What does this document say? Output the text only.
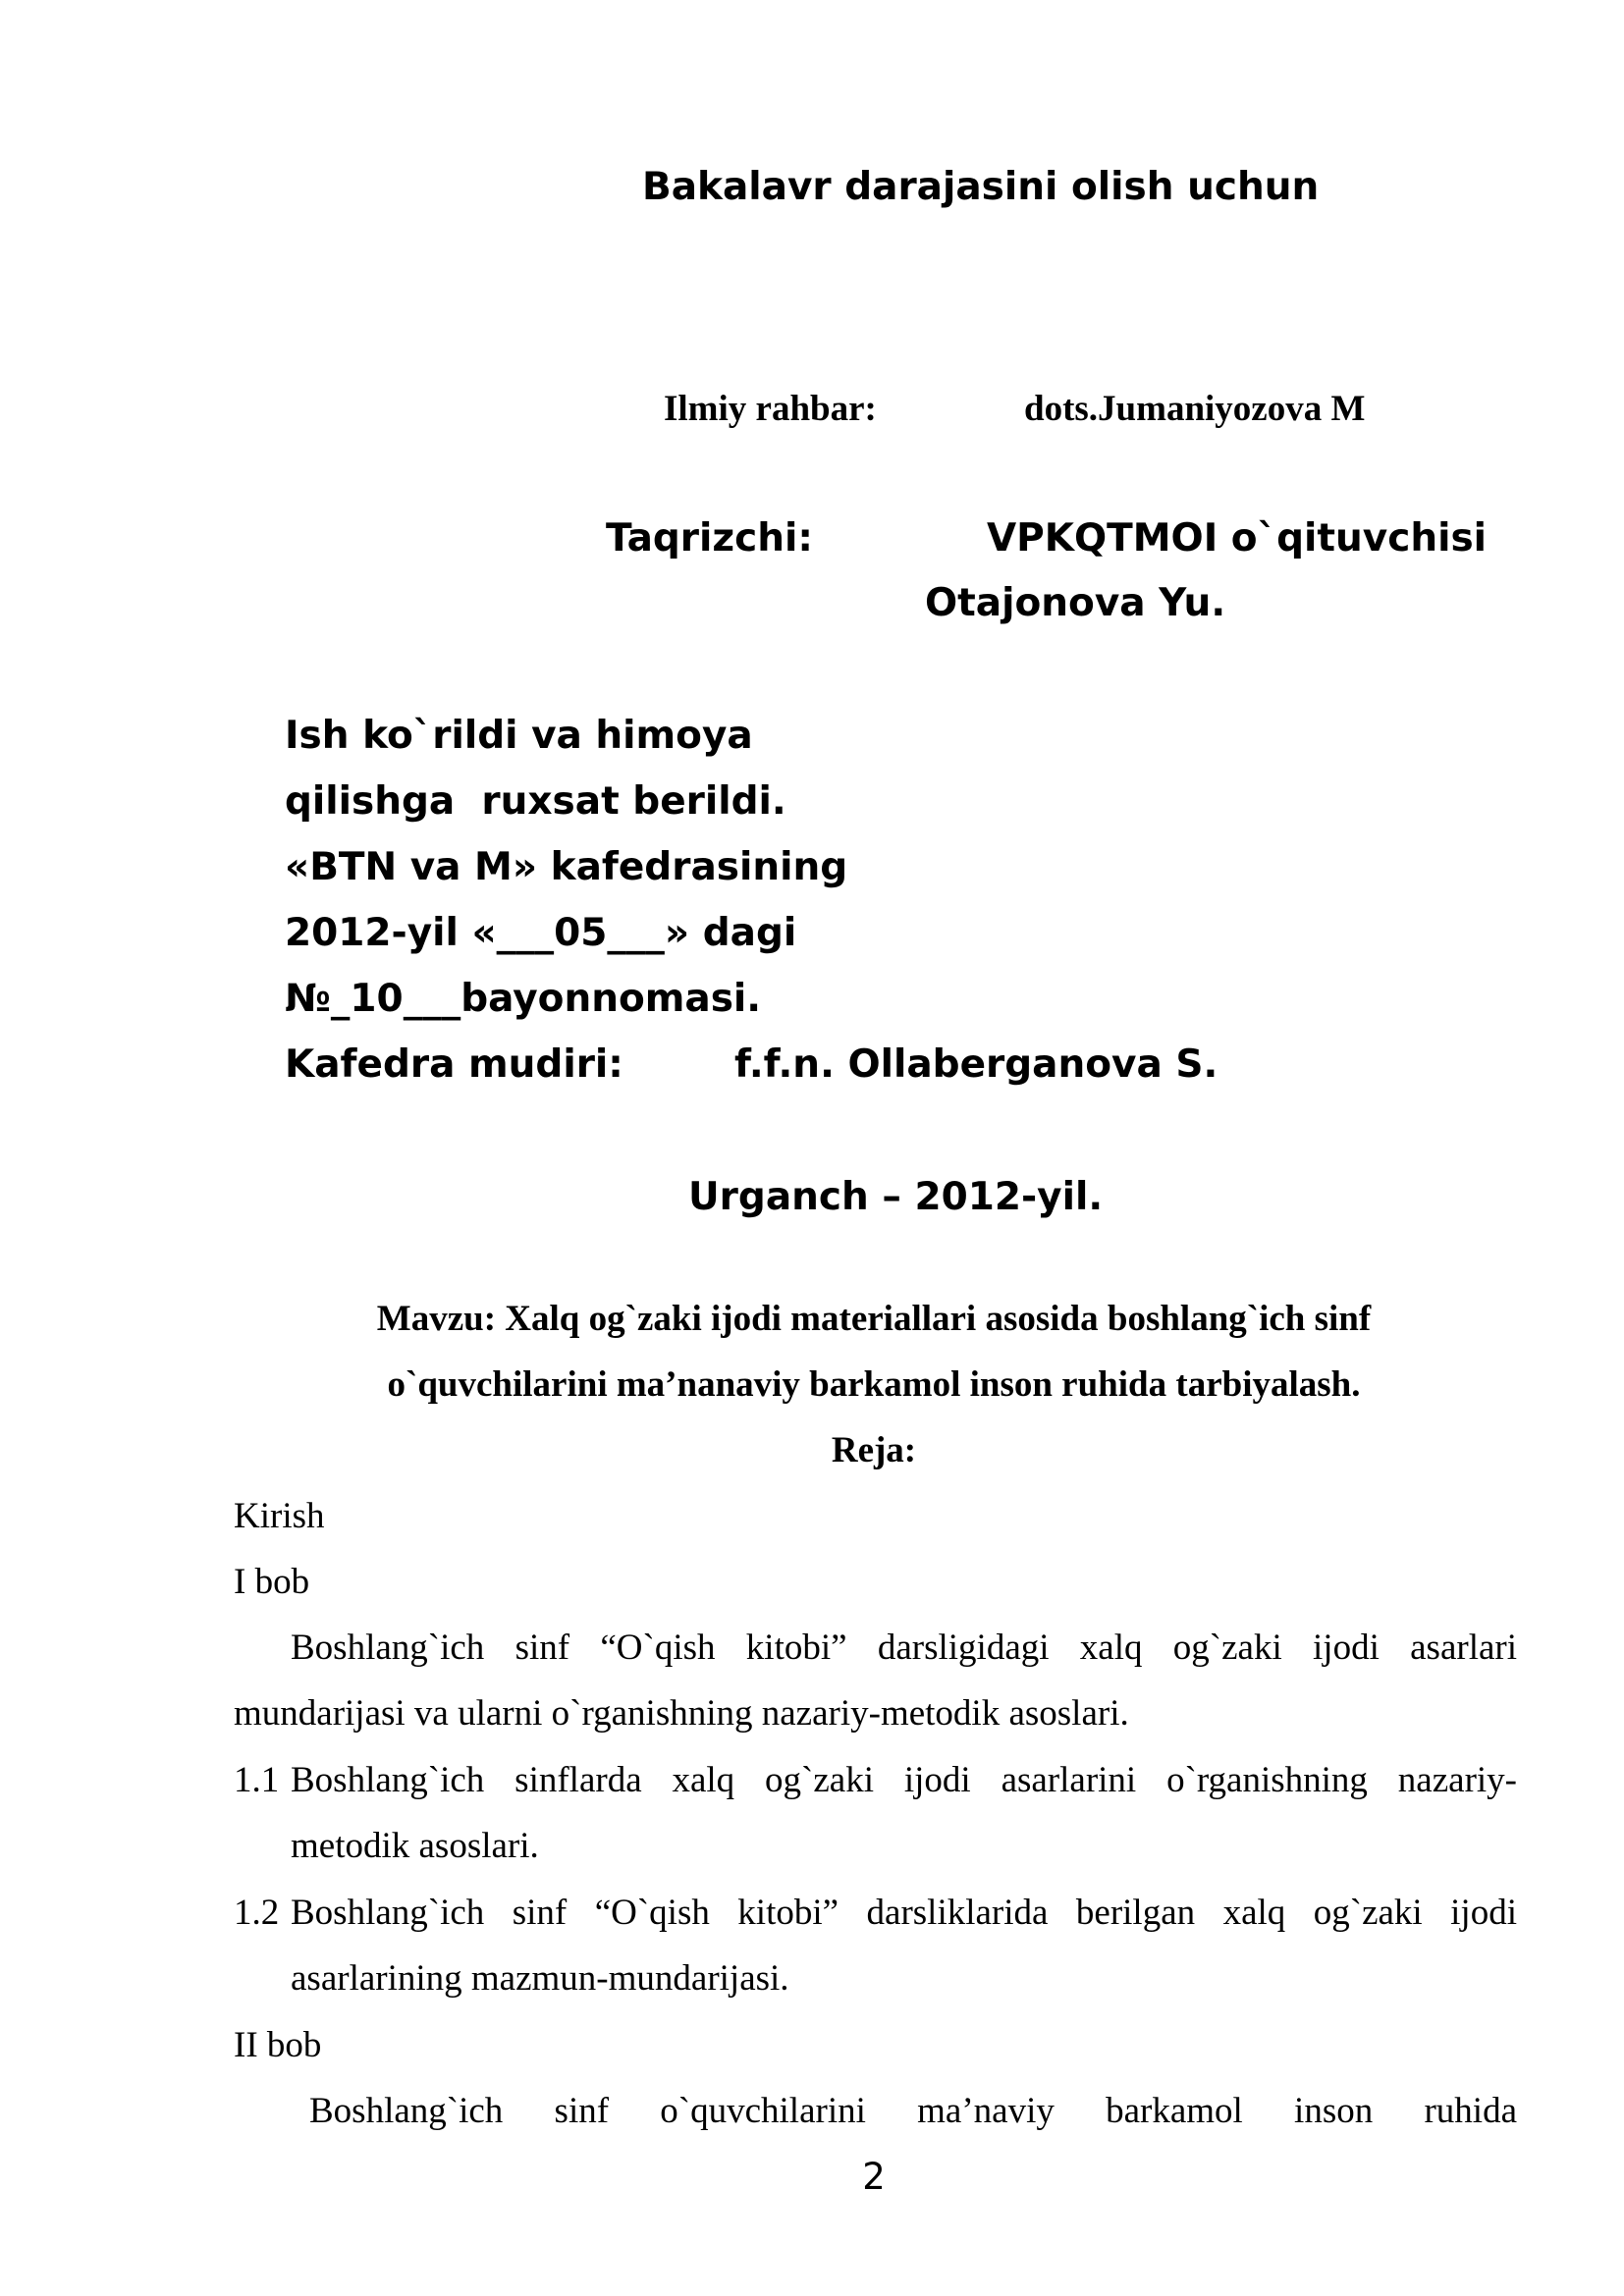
Bakalavr darajasini olish uchun
Ilmiy rahbar:	dots.Jumaniyozova M
Taqrizchi:	VPKQTMOI o`qituvchisi
Otajonova Yu.
Ish ko`rildi va himoya
qilishga  ruxsat berildi.
«BTN va M» kafedrasining
2012-yil «___05___» dagi
№_10___bayonnomasi.
Kafedra mudiri:	f.f.n. Ollaberganova S.
Urganch – 2012-yil.
Mavzu: Xalq og`zaki ijodi materiallari asosida boshlang`ich sinf
o`quvchilarini ma’nanaviy barkamol inson ruhida tarbiyalash.
Reja:
Kirish
I bob
Boshlang`ich sinf “O`qish kitobi” darsligidagi xalq og`zaki ijodi asarlari
mundarijasi va ularni o`rganishning nazariy-metodik asoslari.
1.1 Boshlang`ich sinflarda xalq og`zaki ijodi asarlarini o`rganishning nazariy-
metodik asoslari.
1.2 Boshlang`ich sinf “O`qish kitobi” darsliklarida berilgan xalq og`zaki ijodi
asarlarining mazmun-mundarijasi.
II bob
Boshlang`ich sinf o`quvchilarini ma’naviy barkamol inson ruhida
2
